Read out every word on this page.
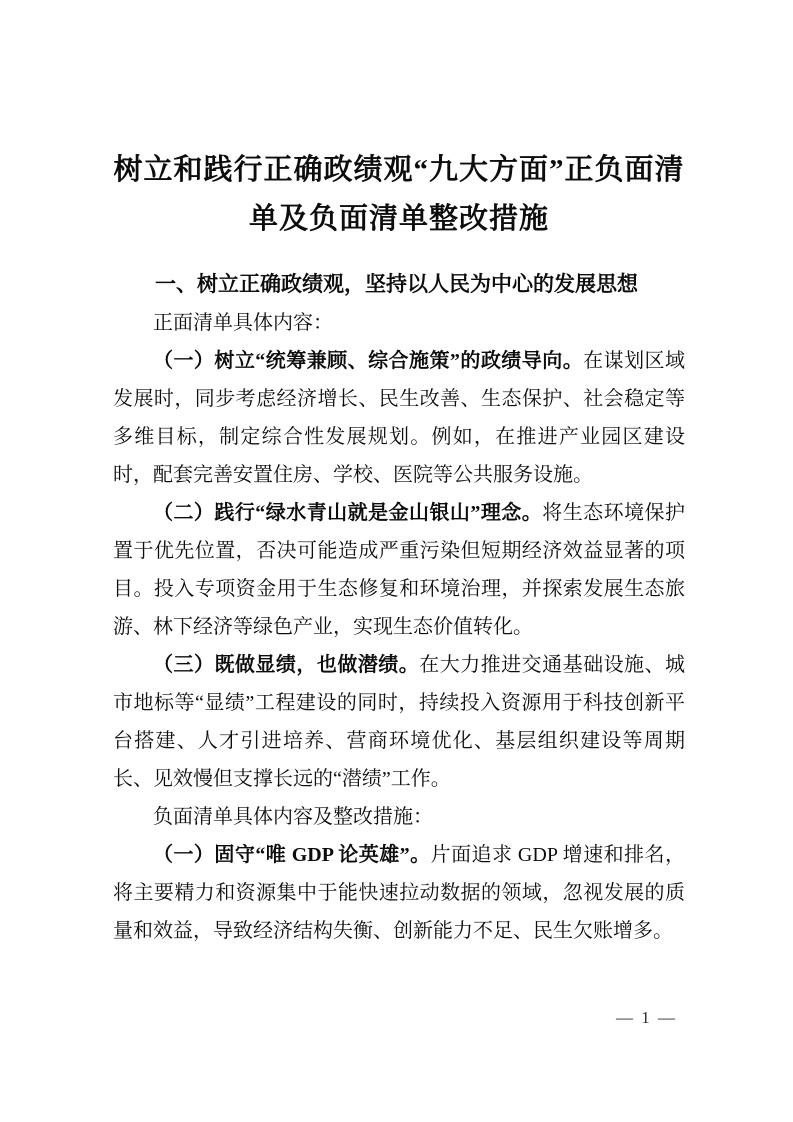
树立和践行正确政绩观“九大方面”正负面清
单及负面清单整改措施
一、树立正确政绩观，坚持以人民为中心的发展思想

正面清单具体内容：

（一）树立“统筹兼顾、综合施策”的政绩导向。在谋划区域发展时，同步考虑经济增长、民生改善、生态保护、社会稳定等多维目标，制定综合性发展规划。例如，在推进产业园区建设时，配套完善安置住房、学校、医院等公共服务设施。

（二）践行“绿水青山就是金山银山”理念。将生态环境保护置于优先位置，否决可能造成严重污染但短期经济效益显著的项目。投入专项资金用于生态修复和环境治理，并探索发展生态旅游、林下经济等绿色产业，实现生态价值转化。

（三）既做显绩，也做潜绩。在大力推进交通基础设施、城市地标等“显绩”工程建设的同时，持续投入资源用于科技创新平台搭建、人才引进培养、营商环境优化、基层组织建设等周期长、见效慢但支撑长远的“潜绩”工作。

负面清单具体内容及整改措施：

（一）固守“唯 GDP 论英雄”。片面追求 GDP 增速和排名，将主要精力和资源集中于能快速拉动数据的领域，忽视发展的质量和效益，导致经济结构失衡、创新能力不足、民生欠账增多。

— 1 —
